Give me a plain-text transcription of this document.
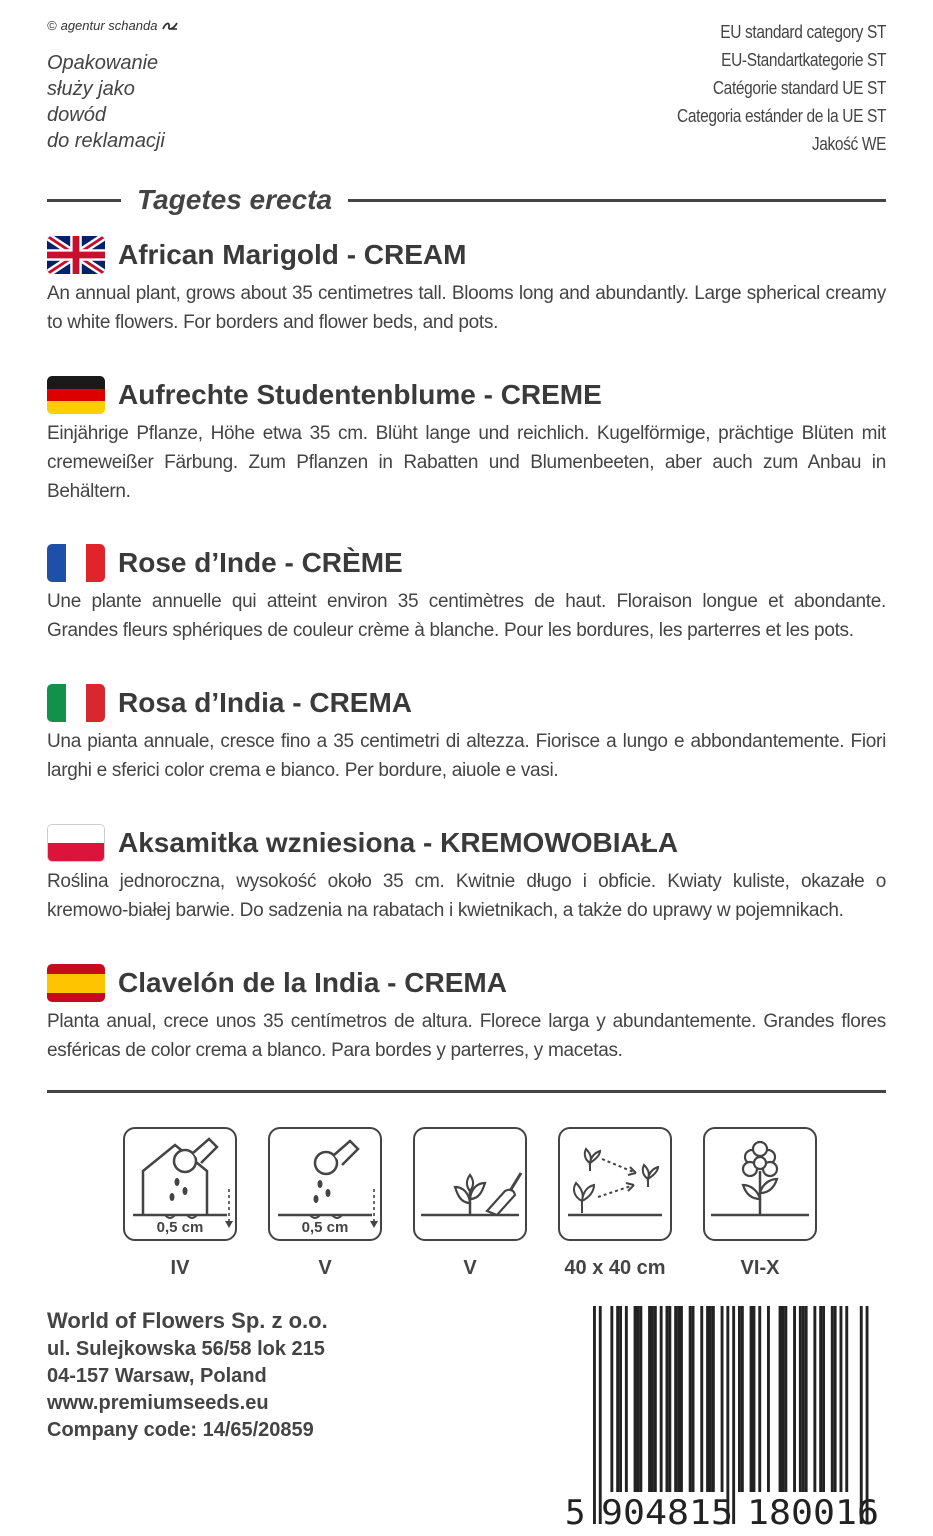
© agentur schanda
Opakowanie
służy jako
dowód
do reklamacji
EU standard category ST
EU-Standartkategorie ST
Catégorie standard UE ST
Categoria estánder de la UE ST
Jakość WE
Tagetes erecta
African Marigold - CREAM
An annual plant, grows about 35 centimetres tall. Blooms long and abundantly. Large spherical creamy to white flowers. For borders and flower beds, and pots.
Aufrechte Studentenblume - CREME
Einjährige Pflanze, Höhe etwa 35 cm. Blüht lange und reichlich. Kugelförmige, prächtige Blüten mit cremeweißer Färbung. Zum Pflanzen in Rabatten und Blumenbeeten, aber auch zum Anbau in Behältern.
Rose d’Inde - CRÈME
Une plante annuelle qui atteint environ 35 centimètres de haut. Floraison longue et abondante. Grandes fleurs sphériques de couleur crème à blanche. Pour les bordures, les parterres et les pots.
Rosa d’India - CREMA
Una pianta annuale, cresce fino a 35 centimetri di altezza. Fiorisce a lungo e abbondantemente. Fiori larghi e sferici color crema e bianco. Per bordure, aiuole e vasi.
Aksamitka wzniesiona - KREMOWOBIAŁA
Roślina jednoroczna, wysokość około 35 cm. Kwitnie długo i obficie. Kwiaty kuliste, okazałe o kremowo-białej barwie. Do sadzenia na rabatach i kwietnikach, a także do uprawy w pojemnikach.
Clavelón de la India - CREMA
Planta anual, crece unos 35 centímetros de altura. Florece larga y abundantemente. Grandes flores esféricas de color crema a blanco. Para bordes y parterres, y macetas.
0,5 cm
IV
0,5 cm
V	V	40 x 40 cm	VI-X
World of Flowers Sp. z o.o.
ul. Sulejkowska 56/58 lok 215
04-157 Warsaw, Poland
www.premiumseeds.eu
Company code: 14/65/20859
5 904815 180016
